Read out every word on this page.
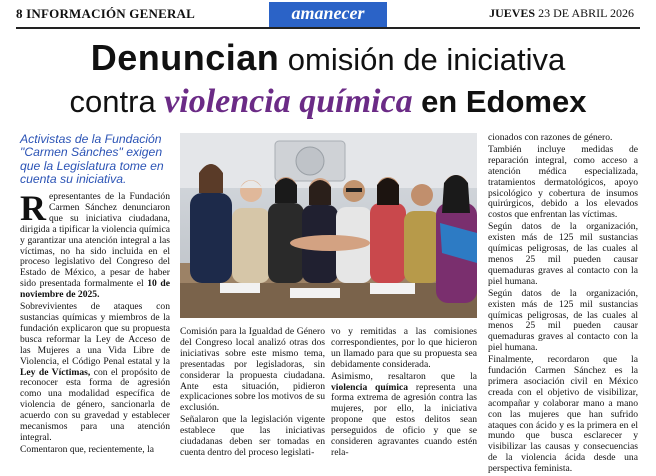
8 INFORMACIÓN GENERAL	amanecer	JUEVES 23 DE ABRIL 2026
Denuncian omisión de iniciativa
contra violencia química en Edomex
Activistas de la Fundación "Carmen Sánches" exigen que la Legislatura tome en cuenta su iniciativa.

Representantes de la Fundación Carmen Sánchez denunciaron que su iniciativa ciudadana, dirigida a tipificar la violencia química y garantizar una atención integral a las víctimas, no ha sido incluida en el proceso legislativo del Congreso del Estado de México, a pesar de haber sido presentada formalmente el 10 de noviembre de 2025.

Sobrevivientes de ataques con sustancias químicas y miembros de la fundación explicaron que su propuesta busca reformar la Ley de Acceso de las Mujeres a una Vida Libre de Violencia, el Código Penal estatal y la Ley de Víctimas, con el propósito de reconocer esta forma de agresión como una modalidad específica de violencia de género, sancionarla de acuerdo con su gravedad y establecer mecanismos para una atención integral.

Comentaron que, recientemente, la

Comisión para la Igualdad de Género del Congreso local analizó otras dos iniciativas sobre este mismo tema, presentadas por legisladoras, sin considerar la propuesta ciudadana. Ante esta situación, pidieron explicaciones sobre los motivos de su exclusión.

Señalaron que la legislación vigente establece que las iniciativas ciudadanas deben ser tomadas en cuenta dentro del proceso legislati-

vo y remitidas a las comisiones correspondientes, por lo que hicieron un llamado para que su propuesta sea debidamente considerada.

Asimismo, resaltaron que la violencia química representa una forma extrema de agresión contra las mujeres, por ello, la iniciativa propone que estos delitos sean perseguidos de oficio y que se consideren agravantes cuando estén rela-

cionados con razones de género.

También incluye medidas de reparación integral, como acceso a atención médica especializada, tratamientos dermatológicos, apoyo psicológico y cobertura de insumos quirúrgicos, debido a los elevados costos que enfrentan las víctimas.

Según datos de la organización, existen más de 125 mil sustancias químicas peligrosas, de las cuales al menos 25 mil pueden causar quemaduras graves al contacto con la piel humana.

Según datos de la organización, existen más de 125 mil sustancias químicas peligrosas, de las cuales al menos 25 mil pueden causar quemaduras graves al contacto con la piel humana.

Finalmente, recordaron que la fundación Carmen Sánchez es la primera asociación civil en México creada con el objetivo de visibilizar, acompañar y colaborar mano a mano con las mujeres que han sufrido ataques con ácido y es la primera en el mundo que busca esclarecer y visibilizar las causas y consecuencias de la violencia ácida desde una perspectiva feminista.
